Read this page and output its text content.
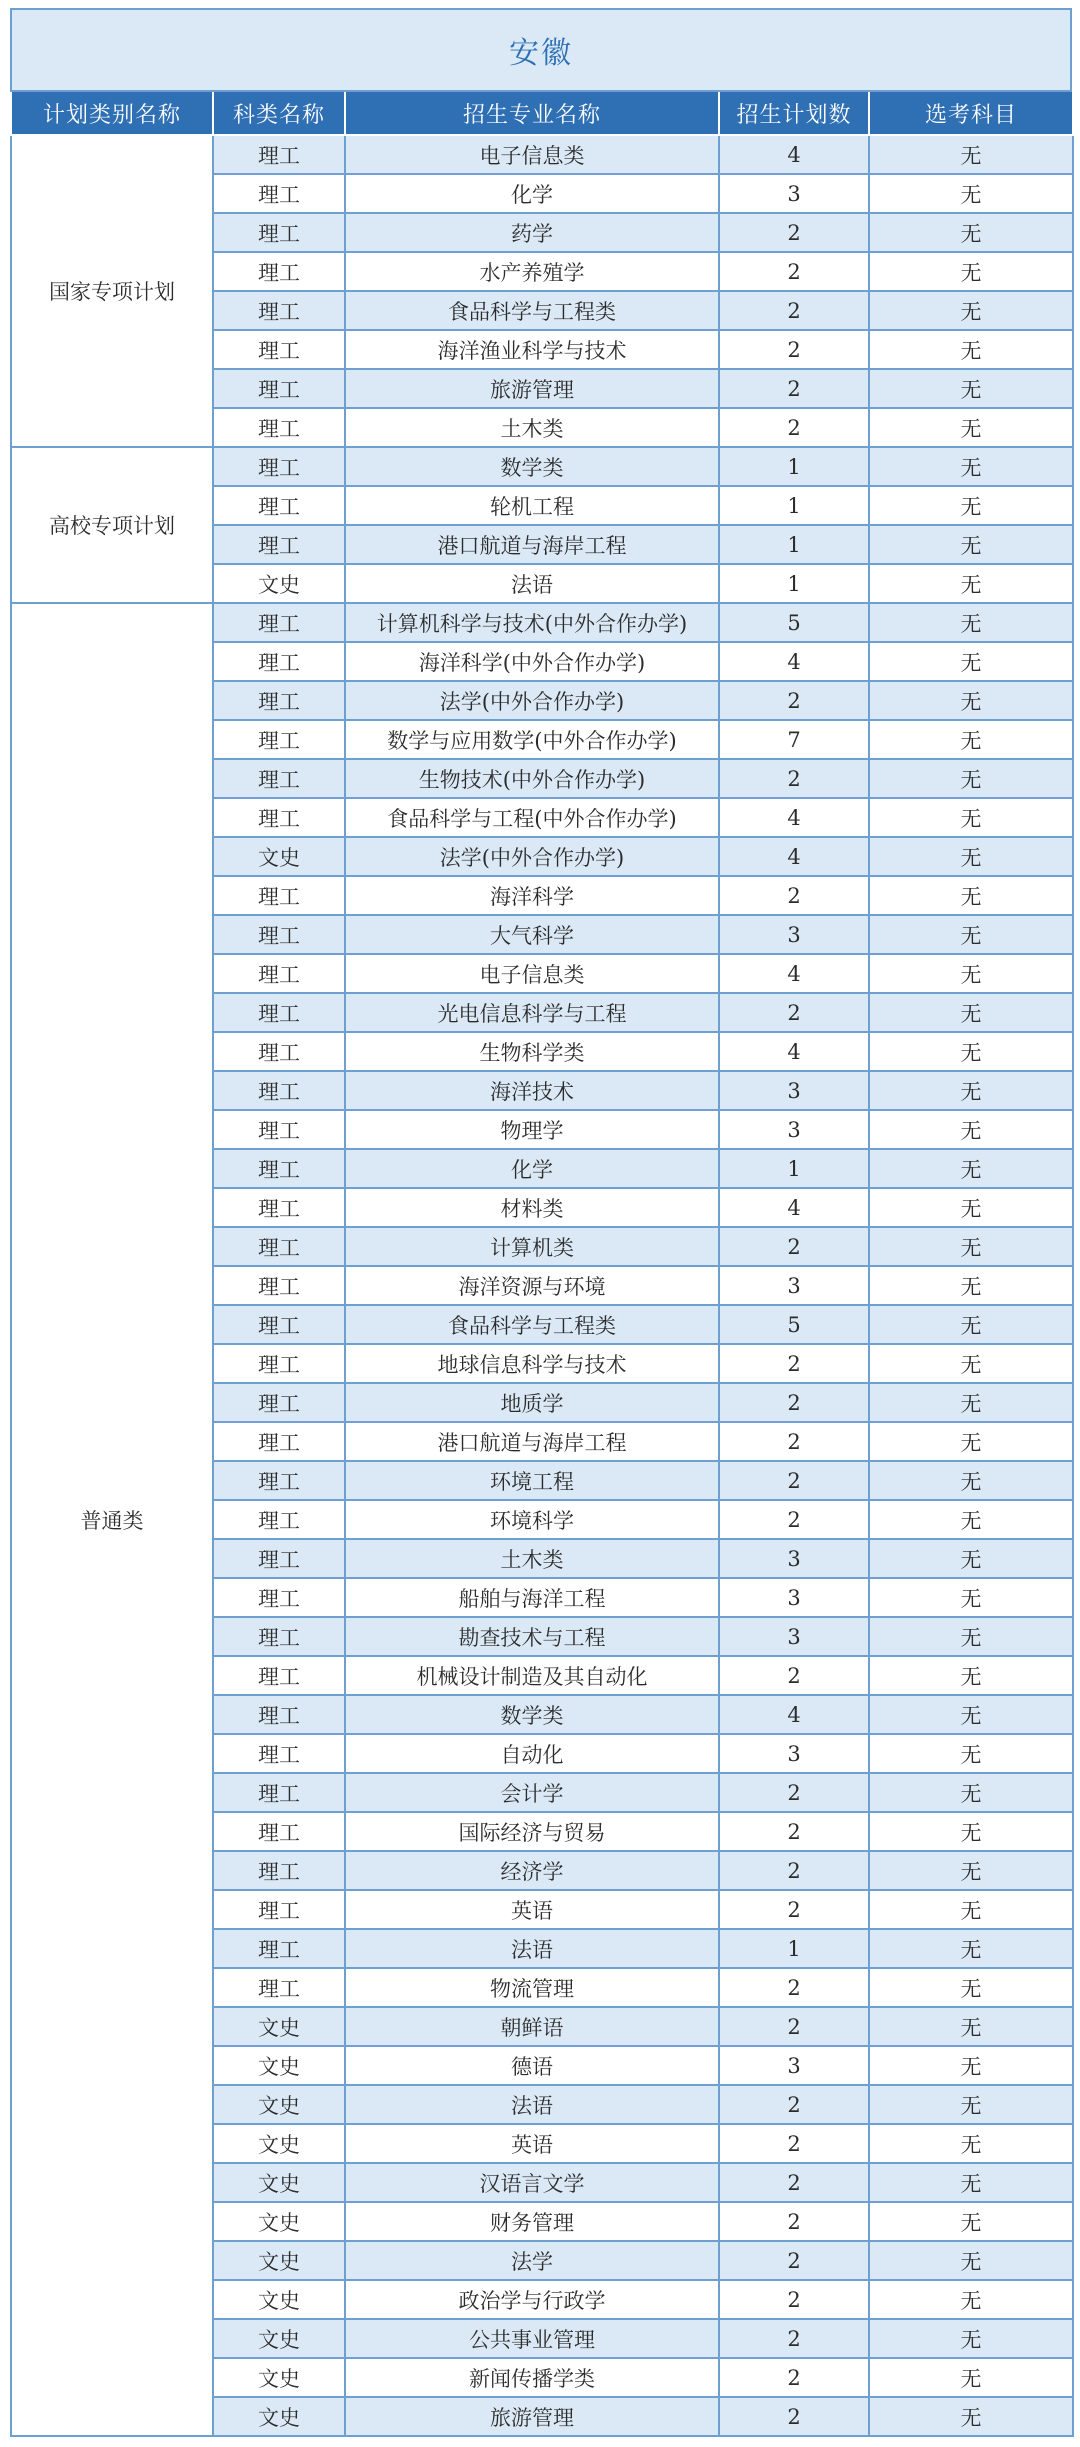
安徽
计划类别名称	科类名称	招生专业名称	招生计划数	选考科目
国家专项计划	理工	电子信息类	4	无
	理工	化学	3	无
	理工	药学	2	无
	理工	水产养殖学	2	无
	理工	食品科学与工程类	2	无
	理工	海洋渔业科学与技术	2	无
	理工	旅游管理	2	无
	理工	土木类	2	无
高校专项计划	理工	数学类	1	无
	理工	轮机工程	1	无
	理工	港口航道与海岸工程	1	无
	文史	法语	1	无
普通类	理工	计算机科学与技术(中外合作办学)	5	无
	理工	海洋科学(中外合作办学)	4	无
	理工	法学(中外合作办学)	2	无
	理工	数学与应用数学(中外合作办学)	7	无
	理工	生物技术(中外合作办学)	2	无
	理工	食品科学与工程(中外合作办学)	4	无
	文史	法学(中外合作办学)	4	无
	理工	海洋科学	2	无
	理工	大气科学	3	无
	理工	电子信息类	4	无
	理工	光电信息科学与工程	2	无
	理工	生物科学类	4	无
	理工	海洋技术	3	无
	理工	物理学	3	无
	理工	化学	1	无
	理工	材料类	4	无
	理工	计算机类	2	无
	理工	海洋资源与环境	3	无
	理工	食品科学与工程类	5	无
	理工	地球信息科学与技术	2	无
	理工	地质学	2	无
	理工	港口航道与海岸工程	2	无
	理工	环境工程	2	无
	理工	环境科学	2	无
	理工	土木类	3	无
	理工	船舶与海洋工程	3	无
	理工	勘查技术与工程	3	无
	理工	机械设计制造及其自动化	2	无
	理工	数学类	4	无
	理工	自动化	3	无
	理工	会计学	2	无
	理工	国际经济与贸易	2	无
	理工	经济学	2	无
	理工	英语	2	无
	理工	法语	1	无
	理工	物流管理	2	无
	文史	朝鲜语	2	无
	文史	德语	3	无
	文史	法语	2	无
	文史	英语	2	无
	文史	汉语言文学	2	无
	文史	财务管理	2	无
	文史	法学	2	无
	文史	政治学与行政学	2	无
	文史	公共事业管理	2	无
	文史	新闻传播学类	2	无
	文史	旅游管理	2	无
